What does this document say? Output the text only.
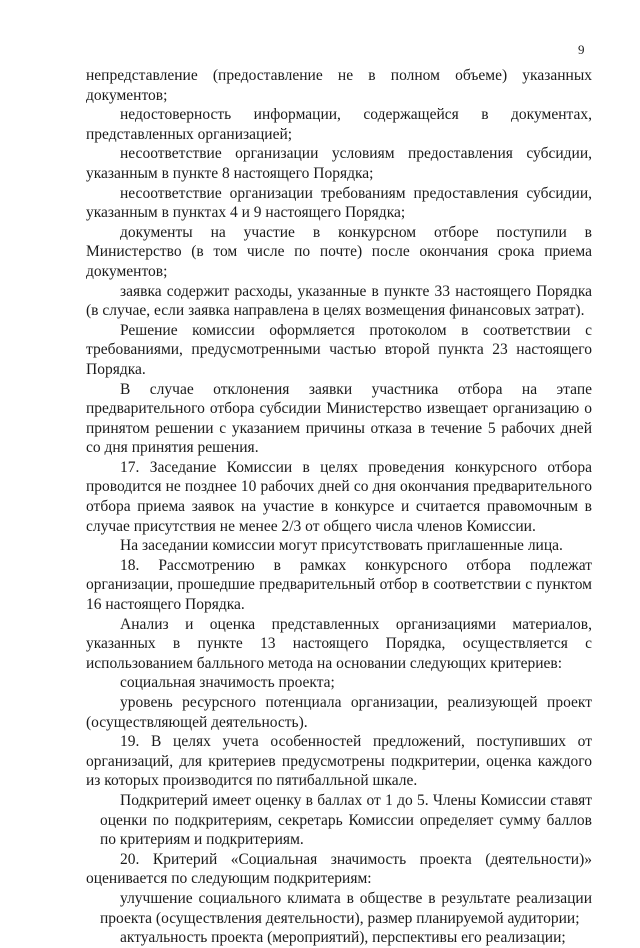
9

непредставление (предоставление не в полном объеме) указанных документов;

недостоверность информации, содержащейся в документах, представленных организацией;

несоответствие организации условиям предоставления субсидии, указанным в пункте 8 настоящего Порядка;

несоответствие организации требованиям предоставления субсидии, указанным в пунктах 4 и 9 настоящего Порядка;

документы на участие в конкурсном отборе поступили в Министерство (в том числе по почте) после окончания срока приема документов;

заявка содержит расходы, указанные в пункте 33 настоящего Порядка (в случае, если заявка направлена в целях возмещения финансовых затрат).

Решение комиссии оформляется протоколом в соответствии с требованиями, предусмотренными частью второй пункта 23 настоящего Порядка.

В случае отклонения заявки участника отбора на этапе предварительного отбора субсидии Министерство извещает организацию о принятом решении с указанием причины отказа в течение 5 рабочих дней со дня принятия решения.

17. Заседание Комиссии в целях проведения конкурсного отбора проводится не позднее 10 рабочих дней со дня окончания предварительного отбора приема заявок на участие в конкурсе и считается правомочным в случае присутствия не менее 2/3 от общего числа членов Комиссии.

На заседании комиссии могут присутствовать приглашенные лица.

18. Рассмотрению в рамках конкурсного отбора подлежат организации, прошедшие предварительный отбор в соответствии с пунктом 16 настоящего Порядка.

Анализ и оценка представленных организациями материалов, указанных в пункте 13 настоящего Порядка, осуществляется с использованием балльного метода на основании следующих критериев:

социальная значимость проекта;

уровень ресурсного потенциала организации, реализующей проект (осуществляющей деятельность).

19. В целях учета особенностей предложений, поступивших от организаций, для критериев предусмотрены подкритерии, оценка каждого из которых производится по пятибалльной шкале.

Подкритерий имеет оценку в баллах от 1 до 5. Члены Комиссии ставят оценки по подкритериям, секретарь Комиссии определяет сумму баллов по критериям и подкритериям.

20. Критерий «Социальная значимость проекта (деятельности)» оценивается по следующим подкритериям:

улучшение социального климата в обществе в результате реализации проекта (осуществления деятельности), размер планируемой аудитории;

актуальность проекта (мероприятий), перспективы его реализации;
